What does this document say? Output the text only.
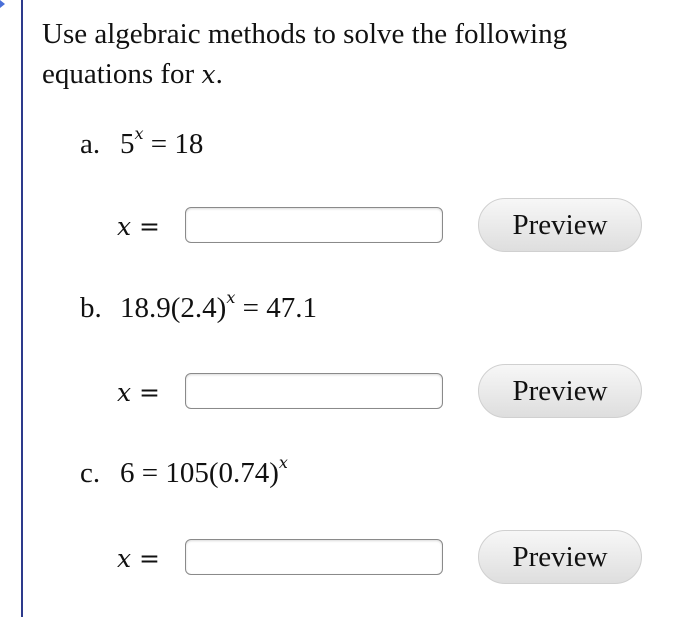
Use algebraic methods to solve the following equations for x.
a. $5^x = 18$
x =	Preview
b. $18.9(2.4)^x = 47.1$
x =	Preview
c. $6 = 105(0.74)^x$
x =	Preview
